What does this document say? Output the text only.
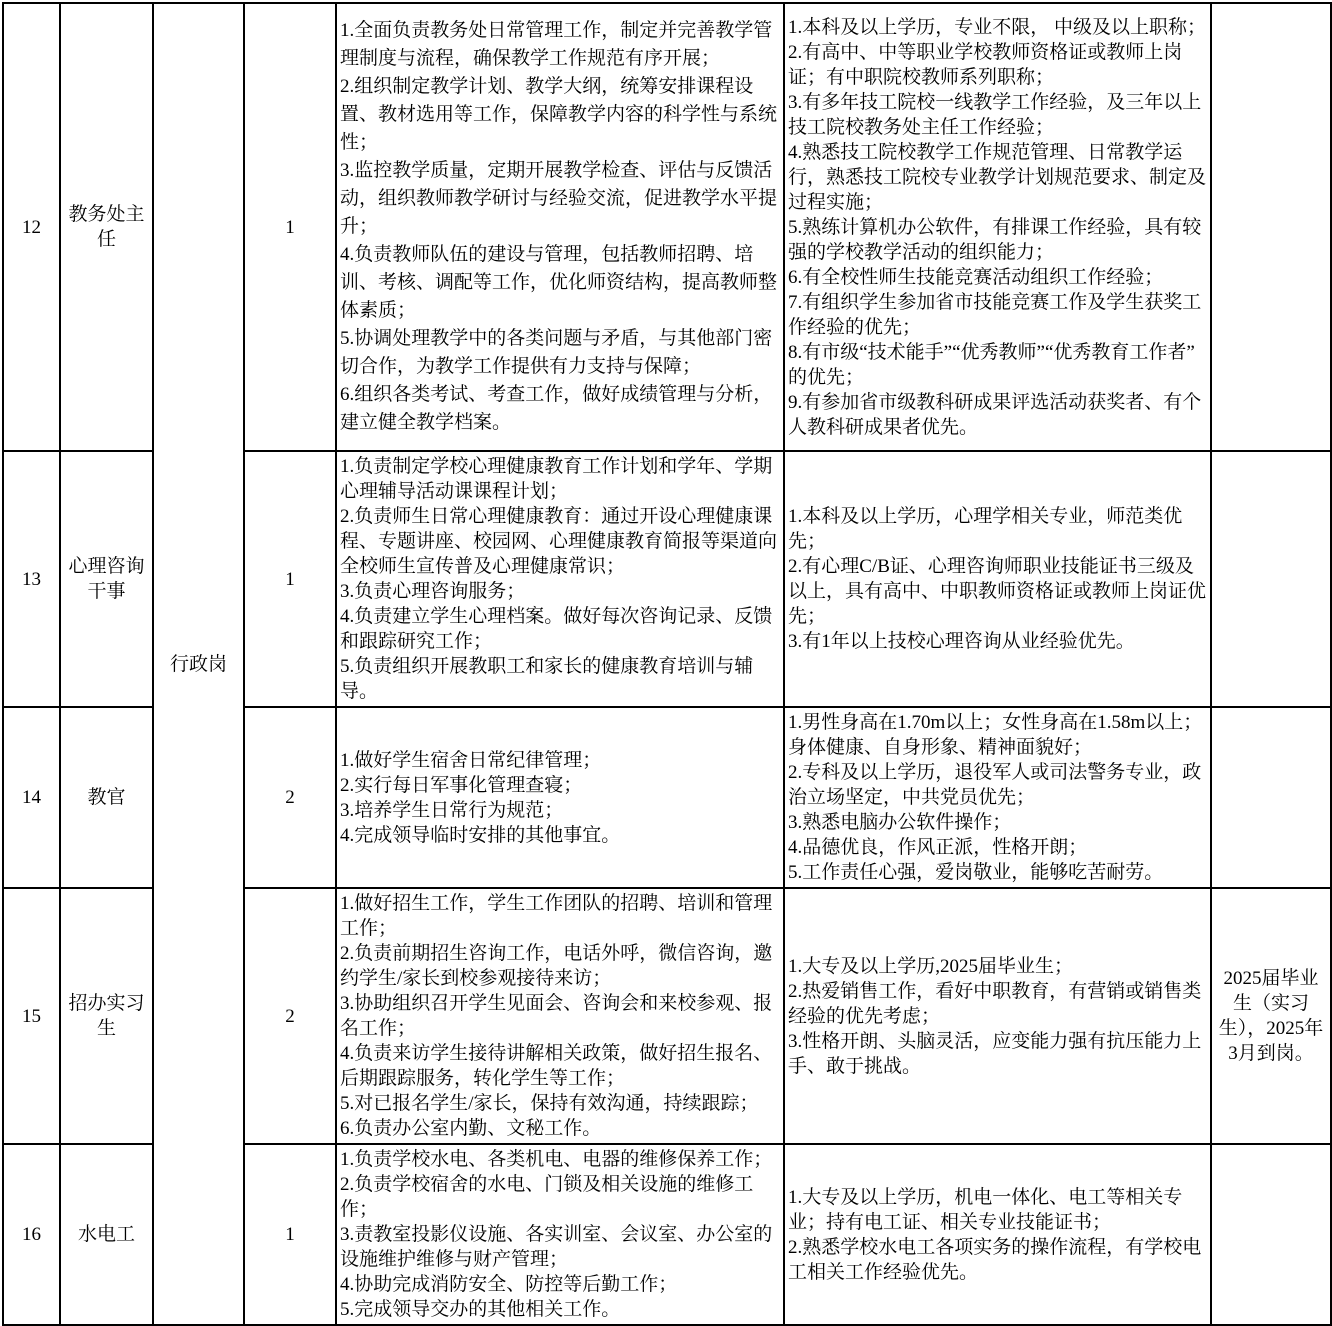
12	教务处主任	行政岗	1	
1.全面负责教务处日常管理工作，制定并完善教学管理制度与流程，确保教学工作规范有序开展；
2.组织制定教学计划、教学大纲，统筹安排课程设置、教材选用等工作，保障教学内容的科学性与系统性；
3.监控教学质量，定期开展教学检查、评估与反馈活动，组织教师教学研讨与经验交流，促进教学水平提升；
4.负责教师队伍的建设与管理，包括教师招聘、培训、考核、调配等工作，优化师资结构，提高教师整体素质；
5.协调处理教学中的各类问题与矛盾，与其他部门密切合作，为教学工作提供有力支持与保障；
6.组织各类考试、考查工作，做好成绩管理与分析，建立健全教学档案。

1.本科及以上学历，专业不限， 中级及以上职称；
2.有高中、中等职业学校教师资格证或教师上岗证；有中职院校教师系列职称；
3.有多年技工院校一线教学工作经验，及三年以上技工院校教务处主任工作经验；
4.熟悉技工院校教学工作规范管理、日常教学运行，熟悉技工院校专业教学计划规范要求、制定及过程实施；
5.熟练计算机办公软件，有排课工作经验，具有较强的学校教学活动的组织能力；
6.有全校性师生技能竞赛活动组织工作经验；
7.有组织学生参加省市技能竞赛工作及学生获奖工作经验的优先；
8.有市级“技术能手”“优秀教师”“优秀教育工作者”的优先；
9.有参加省市级教科研成果评选活动获奖者、有个人教科研成果者优先。

13	心理咨询干事	1	
1.负责制定学校心理健康教育工作计划和学年、学期心理辅导活动课课程计划；
2.负责师生日常心理健康教育：通过开设心理健康课程、专题讲座、校园网、心理健康教育简报等渠道向全校师生宣传普及心理健康常识；
3.负责心理咨询服务；
4.负责建立学生心理档案。做好每次咨询记录、反馈和跟踪研究工作；
5.负责组织开展教职工和家长的健康教育培训与辅导。

1.本科及以上学历，心理学相关专业，师范类优先；
2.有心理C/B证、心理咨询师职业技能证书三级及以上，具有高中、中职教师资格证或教师上岗证优先；
3.有1年以上技校心理咨询从业经验优先。

14	教官	2	
1.做好学生宿舍日常纪律管理；
2.实行每日军事化管理查寝；
3.培养学生日常行为规范；
4.完成领导临时安排的其他事宜。

1.男性身高在1.70m以上；女性身高在1.58m以上；身体健康、自身形象、精神面貌好；
2.专科及以上学历，退役军人或司法警务专业，政治立场坚定，中共党员优先；
3.熟悉电脑办公软件操作；
4.品德优良，作风正派，性格开朗；
5.工作责任心强，爱岗敬业，能够吃苦耐劳。

15	招办实习生	2	
1.做好招生工作，学生工作团队的招聘、培训和管理工作；
2.负责前期招生咨询工作，电话外呼，微信咨询，邀约学生/家长到校参观接待来访；
3.协助组织召开学生见面会、咨询会和来校参观、报名工作；
4.负责来访学生接待讲解相关政策，做好招生报名、后期跟踪服务，转化学生等工作；
5.对已报名学生/家长，保持有效沟通，持续跟踪；
6.负责办公室内勤、文秘工作。

1.大专及以上学历,2025届毕业生；
2.热爱销售工作，看好中职教育，有营销或销售类经验的优先考虑；
3.性格开朗、头脑灵活，应变能力强有抗压能力上手、敢于挑战。
	2025届毕业生（实习生），2025年3月到岗。
16	水电工	1	
1.负责学校水电、各类机电、电器的维修保养工作；
2.负责学校宿舍的水电、门锁及相关设施的维修工作；
3.责教室投影仪设施、各实训室、会议室、办公室的设施维护维修与财产管理；
4.协助完成消防安全、防控等后勤工作；
5.完成领导交办的其他相关工作。

1.大专及以上学历，机电一体化、电工等相关专业；持有电工证、相关专业技能证书；
2.熟悉学校水电工各项实务的操作流程，有学校电工相关工作经验优先。
